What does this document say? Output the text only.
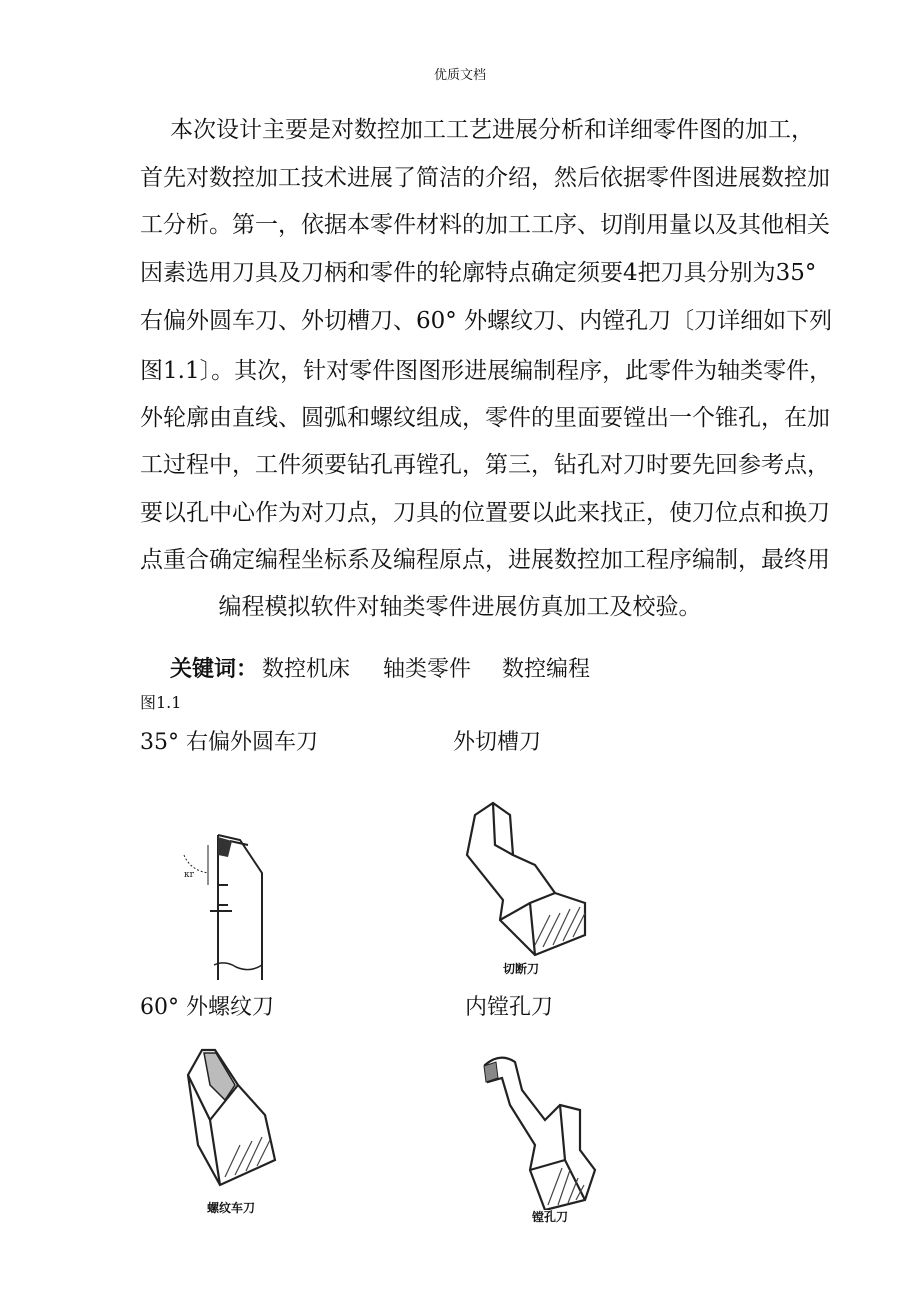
优质文档
本次设计主要是对数控加工工艺进展分析和详细零件图的加工，
首先对数控加工技术进展了简洁的介绍，然后依据零件图进展数控加
工分析。第一，依据本零件材料的加工工序、切削用量以及其他相关
因素选用刀具及刀柄和零件的轮廓特点确定须要4把刀具分别为35°
右偏外圆车刀、外切槽刀、60° 外螺纹刀、内镗孔刀〔刀详细如下列
图1.1〕。其次，针对零件图图形进展编制程序，此零件为轴类零件，
外轮廓由直线、圆弧和螺纹组成，零件的里面要镗出一个锥孔，在加
工过程中，工件须要钻孔再镗孔，第三，钻孔对刀时要先回参考点，
要以孔中心作为对刀点，刀具的位置要以此来找正，使刀位点和换刀
点重合确定编程坐标系及编程原点，进展数控加工程序编制，最终用
编程模拟软件对轴类零件进展仿真加工及校验。
关键词： 数控机床 轴类零件 数控编程
图1.1
35° 右偏外圆车刀	外切槽刀
κr
切断刀
60° 外螺纹刀	内镗孔刀
螺纹车刀
镗孔刀
